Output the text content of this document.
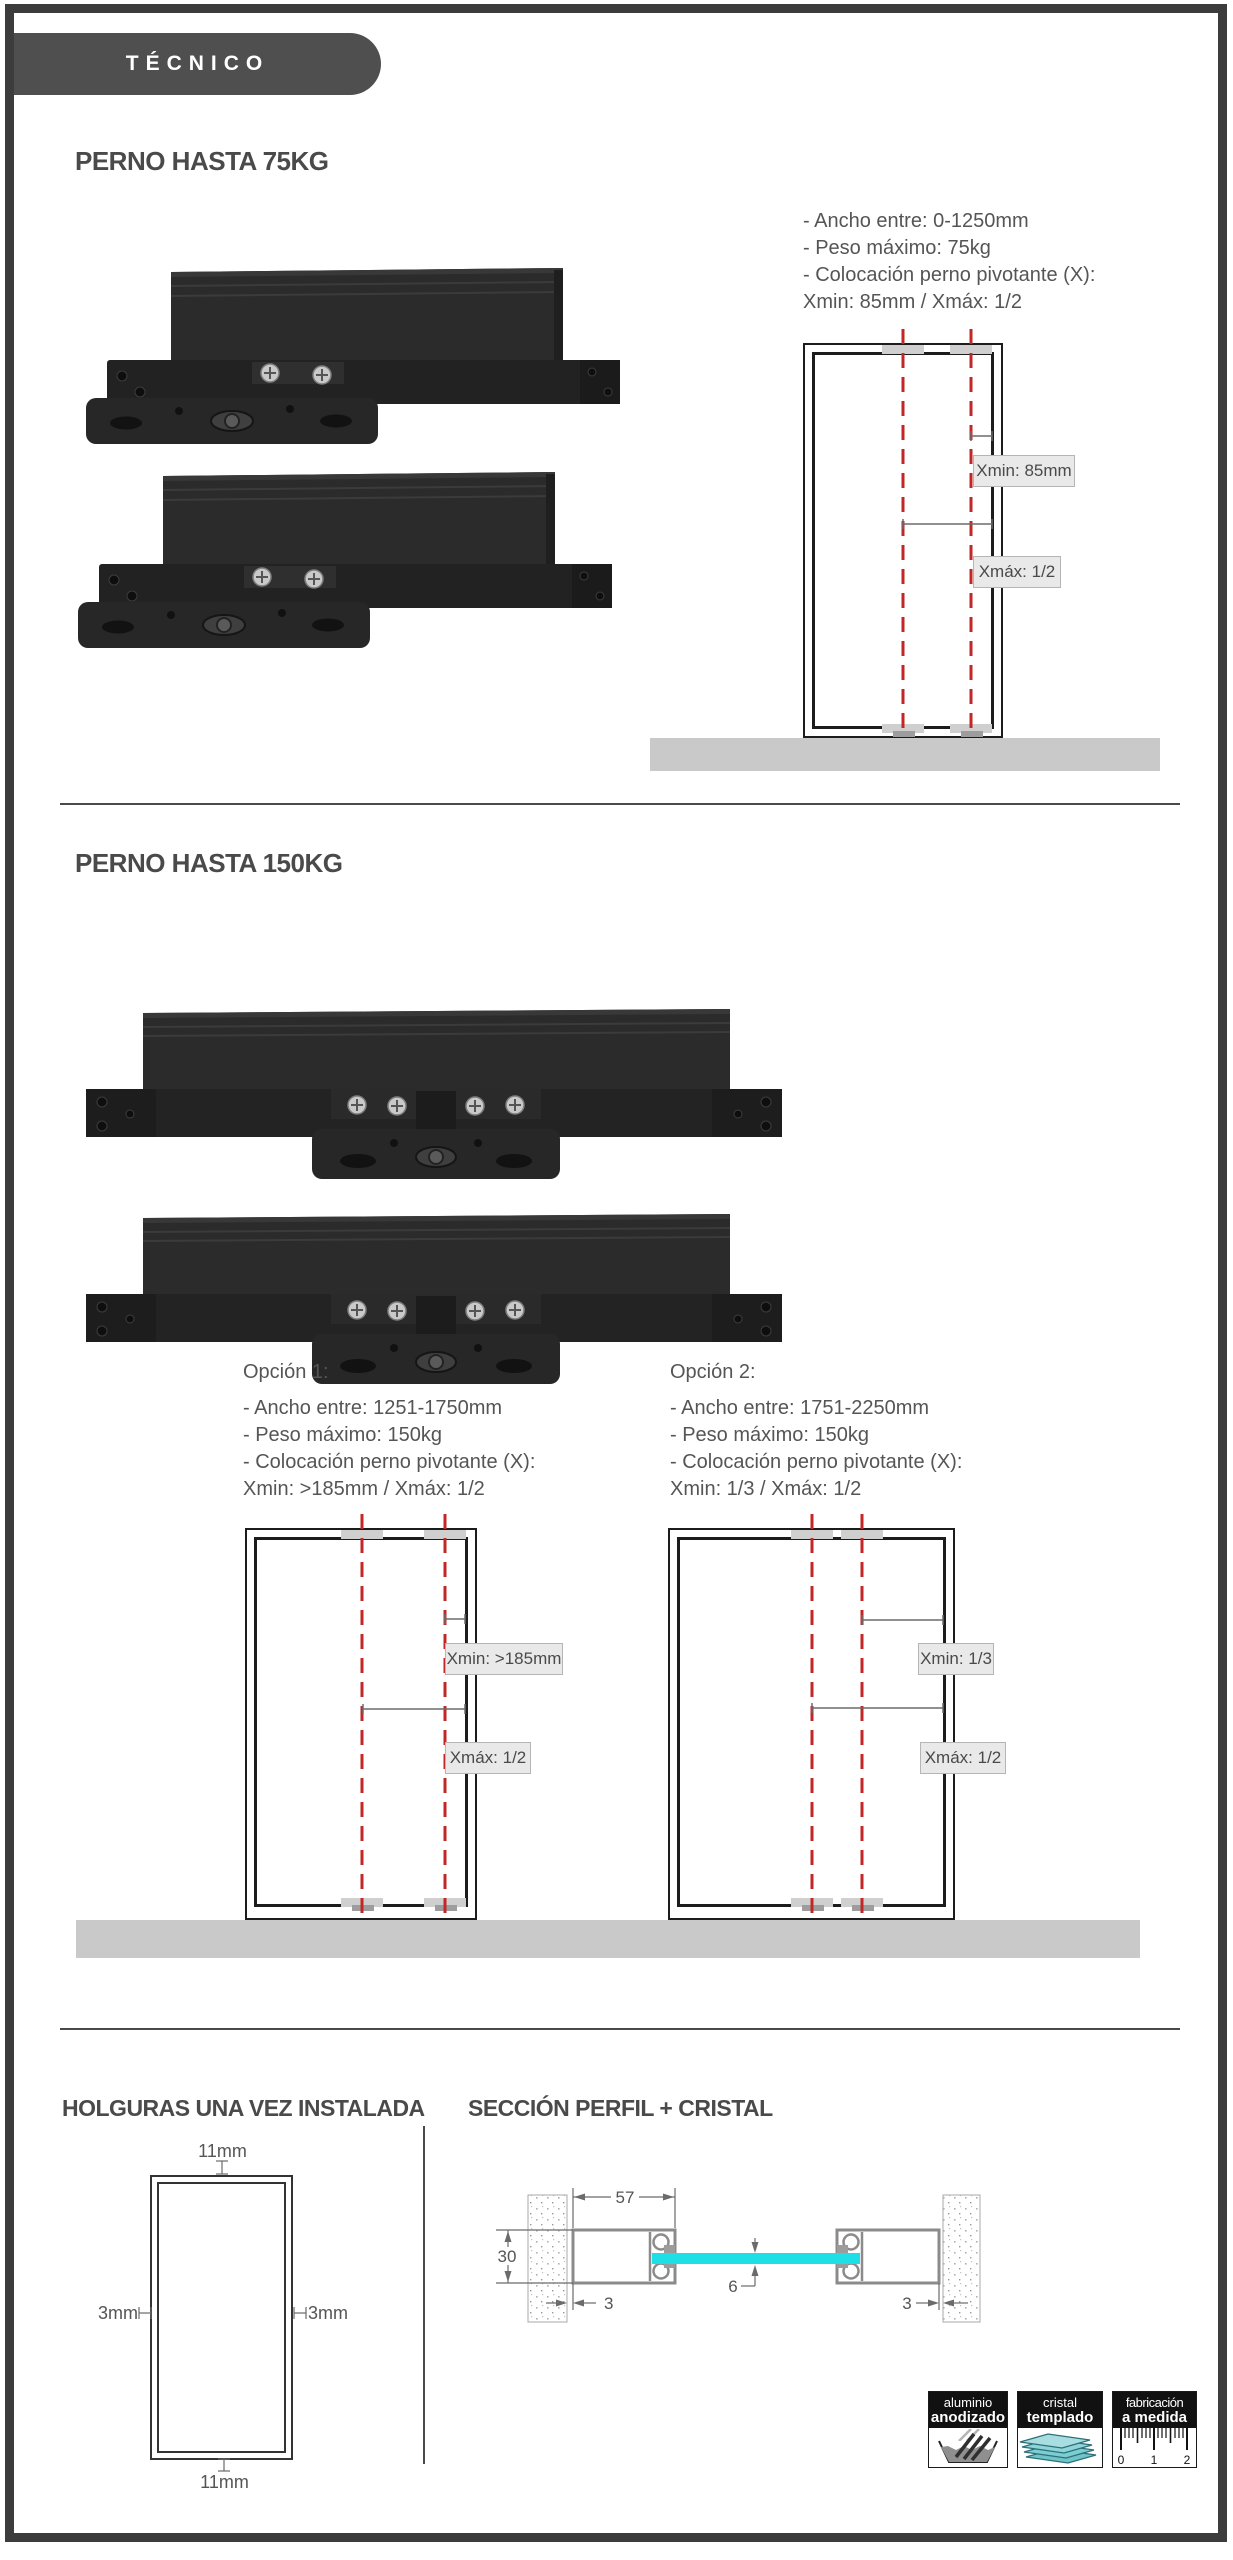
TÉCNICO
PERNO HASTA 75KG
- Ancho entre: 0-1250mm
- Peso máximo: 75kg
- Colocación perno pivotante (X):
Xmin: 85mm / Xmáx: 1/2
PERNO HASTA 150KG
Opción 1:
- Ancho entre: 1251-1750mm
- Peso máximo: 150kg
- Colocación perno pivotante (X):
Xmin: >185mm / Xmáx: 1/2
Opción 2:
- Ancho entre: 1751-2250mm
- Peso máximo: 150kg
- Colocación perno pivotante (X):
Xmin: 1/3 / Xmáx: 1/2
HOLGURAS UNA VEZ INSTALADA SECCIÓN PERFIL + CRISTAL
11mm
3mm	3mm
11mm
Xmin: 85mm
Xmáx: 1/2
Xmin: >185mm
Xmáx: 1/2
Xmin: 1/3
Xmáx: 1/2
57
30
3
6
3
aluminio
anodizado
cristal
templado
fabricación
a medida
0 1 2
